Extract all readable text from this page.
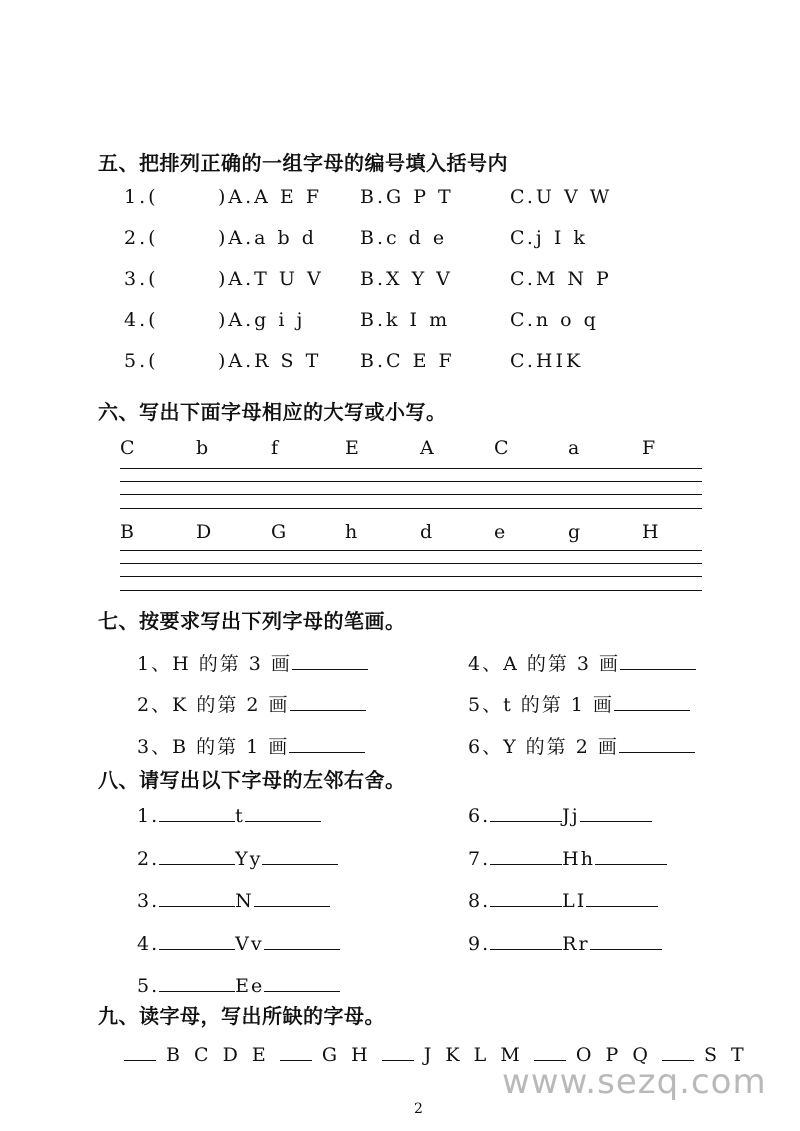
五、把排列正确的一组字母的编号填入括号内
1.(	)A.A E F B.G P T	C.U V W
2.(	)A.a b d B.c d e	C.j I k
3.(	)A.T U V B.X Y V	C.M N P
4.(	)A.g i j	B.k I m	C.n o q
5.(	)A.R S T B.C E F	C.HIK
六、写出下面字母相应的大写或小写。
C	b	f	E	A	C	a	F
B	D	G	h	d	e	g	H
七、按要求写出下列字母的笔画。
1、H 的第 3 画
2、K 的第 2 画
3、B 的第 1 画
4、A 的第 3 画
5、t 的第 1 画
6、Y 的第 2 画
八、请写出以下字母的左邻右舍。
1.	t
2.	Yy
3.	N
4.	Vv
5.	Ee
6.	Jj
7.	Hh
8.	LI
9.	Rr
九、读字母，写出所缺的字母。
B C D E	G H	J K L M	O P Q	S T
www.sezq.com
2
